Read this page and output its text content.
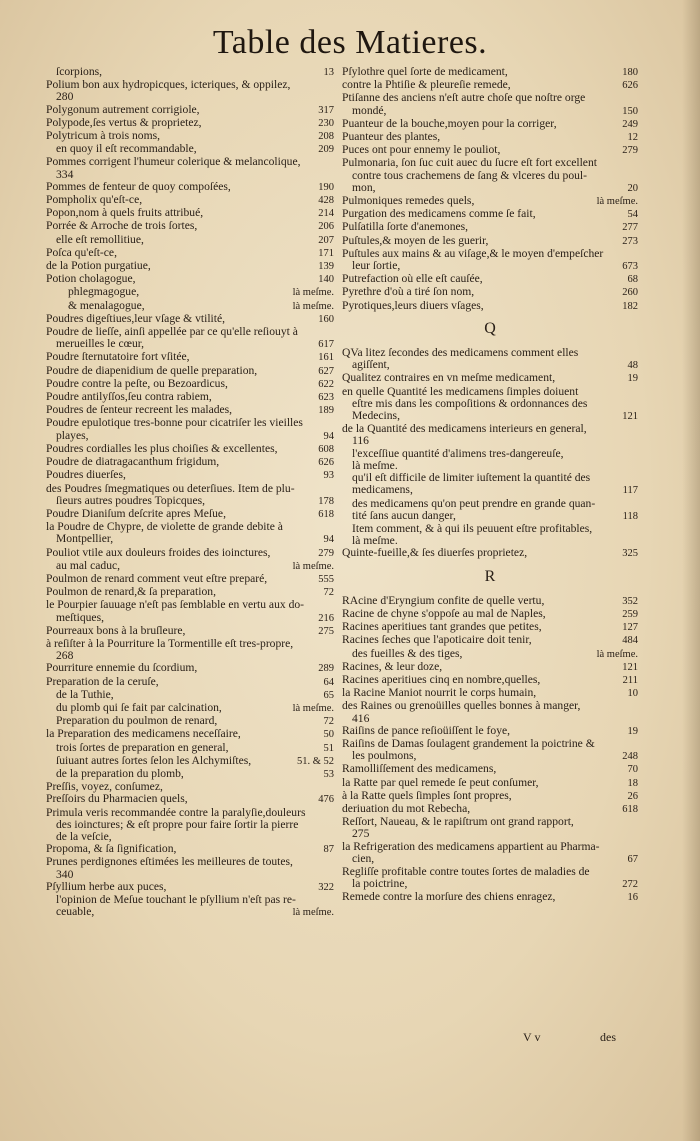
Table des Matieres.
ſcorpions,	13
Polium bon aux hydropicques, icteriques, & oppilez,
280
Polygonum autrement corrigiole,	317
Polypode,ſes vertus & proprietez,	230
Polytricum à trois noms,	208
en quoy il eſt recommandable,	209
Pommes corrigent l'humeur colerique & melancolique,
334
Pommes de fenteur de quoy compoſées,	190
Pompholix qu'eſt-ce,	428
Popon,nom à quels fruits attribué,	214
Porrée & Arroche de trois ſortes,	206
elle eſt remollitiue,	207
Poſca qu'eſt-ce,	171
de la Potion purgatiue,	139
Potion cholagogue,	140
phlegmagogue,	là meſme.
& menalagogue,	là meſme.
Poudres digeſtiues,leur vſage & vtilité,	160
Poudre de lieſſe, ainſi appellée par ce qu'elle reſiouyt à
merueilles le cœur,	617
Poudre ſternutatoire fort vſitée,	161
Poudre de diapenidium de quelle preparation,	627
Poudre contre la peſte, ou Bezoardicus,	622
Poudre antilyſſos,ſeu contra rabiem,	623
Poudres de ſenteur recreent les malades,	189
Poudre epulotique tres-bonne pour cicatriſer les vieilles
playes,	94
Poudres cordialles les plus choiſies & excellentes,	608
Poudre de diatragacanthum frigidum,	626
Poudres diuerſes,	93
des Poudres ſmegmatiques ou deterſiues. Item de plu-
ſieurs autres poudres Topicques,	178
Poudre Dianiſum deſcrite apres Meſue,	618
la Poudre de Chypre, de violette de grande debite à
Montpellier,	94
Pouliot vtile aux douleurs froides des ioinctures,	279
au mal caduc,	là meſme.
Poulmon de renard comment veut eſtre preparé,	555
Poulmon de renard,& ſa preparation,	72
le Pourpier ſauuage n'eſt pas ſemblable en vertu aux do-
meſtiques,	216
Pourreaux bons à la bruſleure,	275
à reſiſter à la Pourriture la Tormentille eſt tres-propre,
268
Pourriture ennemie du ſcordium,	289
Preparation de la ceruſe,	64
de la Tuthie,	65
du plomb qui ſe fait par calcination,	là meſme.
Preparation du poulmon de renard,	72
la Preparation des medicamens neceſſaire,	50
trois ſortes de preparation en general,	51
ſuiuant autres ſortes ſelon les Alchymiſtes,	51. & 52
de la preparation du plomb,	53
Preſſis, voyez, conſumez,
Preſſoirs du Pharmacien quels,	476
Primula veris recommandée contre la paralyſie,douleurs
des ioinctures; & eſt propre pour faire ſortir la pierre
de la veſcie,
Propoma, & ſa ſignification,	87
Prunes perdignones eſtimées les meilleures de toutes,
340
Pſyllium herbe aux puces,	322
l'opinion de Meſue touchant le pſyllium n'eſt pas re-
ceuable,	là meſme.
Pſylothre quel ſorte de medicament,	180
contre la Phtiſie & pleureſie remede,	626
Ptiſanne des anciens n'eſt autre choſe que noſtre orge
mondé,	150
Puanteur de la bouche,moyen pour la corriger,	249
Puanteur des plantes,	12
Puces ont pour ennemy le pouliot,	279
Pulmonaria, ſon ſuc cuit auec du ſucre eſt fort excellent
contre tous crachemens de ſang & vlceres du poul-
mon,	20
Pulmoniques remedes quels,	là meſme.
Purgation des medicamens comme ſe fait,	54
Pulſatilla ſorte d'anemones,	277
Puſtules,& moyen de les guerir,	273
Puſtules aux mains & au viſage,& le moyen d'empeſcher
leur ſortie,	673
Putrefaction où elle eſt cauſée,	68
Pyrethre d'où a tiré ſon nom,	260
Pyrotiques,leurs diuers vſages,	182
Q
QVa litez ſecondes des medicamens comment elles
agiſſent,	48
Qualitez contraires en vn meſme medicament,	19
en quelle Quantité les medicamens ſimples doiuent
eſtre mis dans les compoſitions & ordonnances des
Medecins,	121
de la Quantité des medicamens interieurs en general,
116
l'exceſſiue quantité d'alimens tres-dangereuſe,
là meſme.
qu'il eſt difficile de limiter iuſtement la quantité des
medicamens,	117
des medicamens qu'on peut prendre en grande quan-
tité ſans aucun danger,	118
Item comment, & à qui ils peuuent eſtre profitables,
là meſme.
Quinte-fueille,& ſes diuerſes proprietez,	325
R
RAcine d'Eryngium confite de quelle vertu,	352
Racine de chyne s'oppoſe au mal de Naples,	259
Racines aperitiues tant grandes que petites,	127
Racines ſeches que l'apoticaire doit tenir,	484
des fueilles & des tiges,	là meſme.
Racines, & leur doze,	121
Racines aperitiues cinq en nombre,quelles,	211
la Racine Maniot nourrit le corps humain,	10
des Raines ou grenoüilles quelles bonnes à manger,
416
Raiſins de pance reſioüiſſent le foye,	19
Raiſins de Damas ſoulagent grandement la poictrine &
les poulmons,	248
Ramolliſſement des medicamens,	70
la Ratte par quel remede ſe peut conſumer,	18
à la Ratte quels ſimples ſont propres,	26
deriuation du mot Rebecha,	618
Reſſort, Naueau, & le rapiſtrum ont grand rapport,
275
la Refrigeration des medicamens appartient au Pharma-
cien,	67
Regliſſe profitable contre toutes ſortes de maladies de
la poictrine,	272
Remede contre la morſure des chiens enragez,	16
V v	des
